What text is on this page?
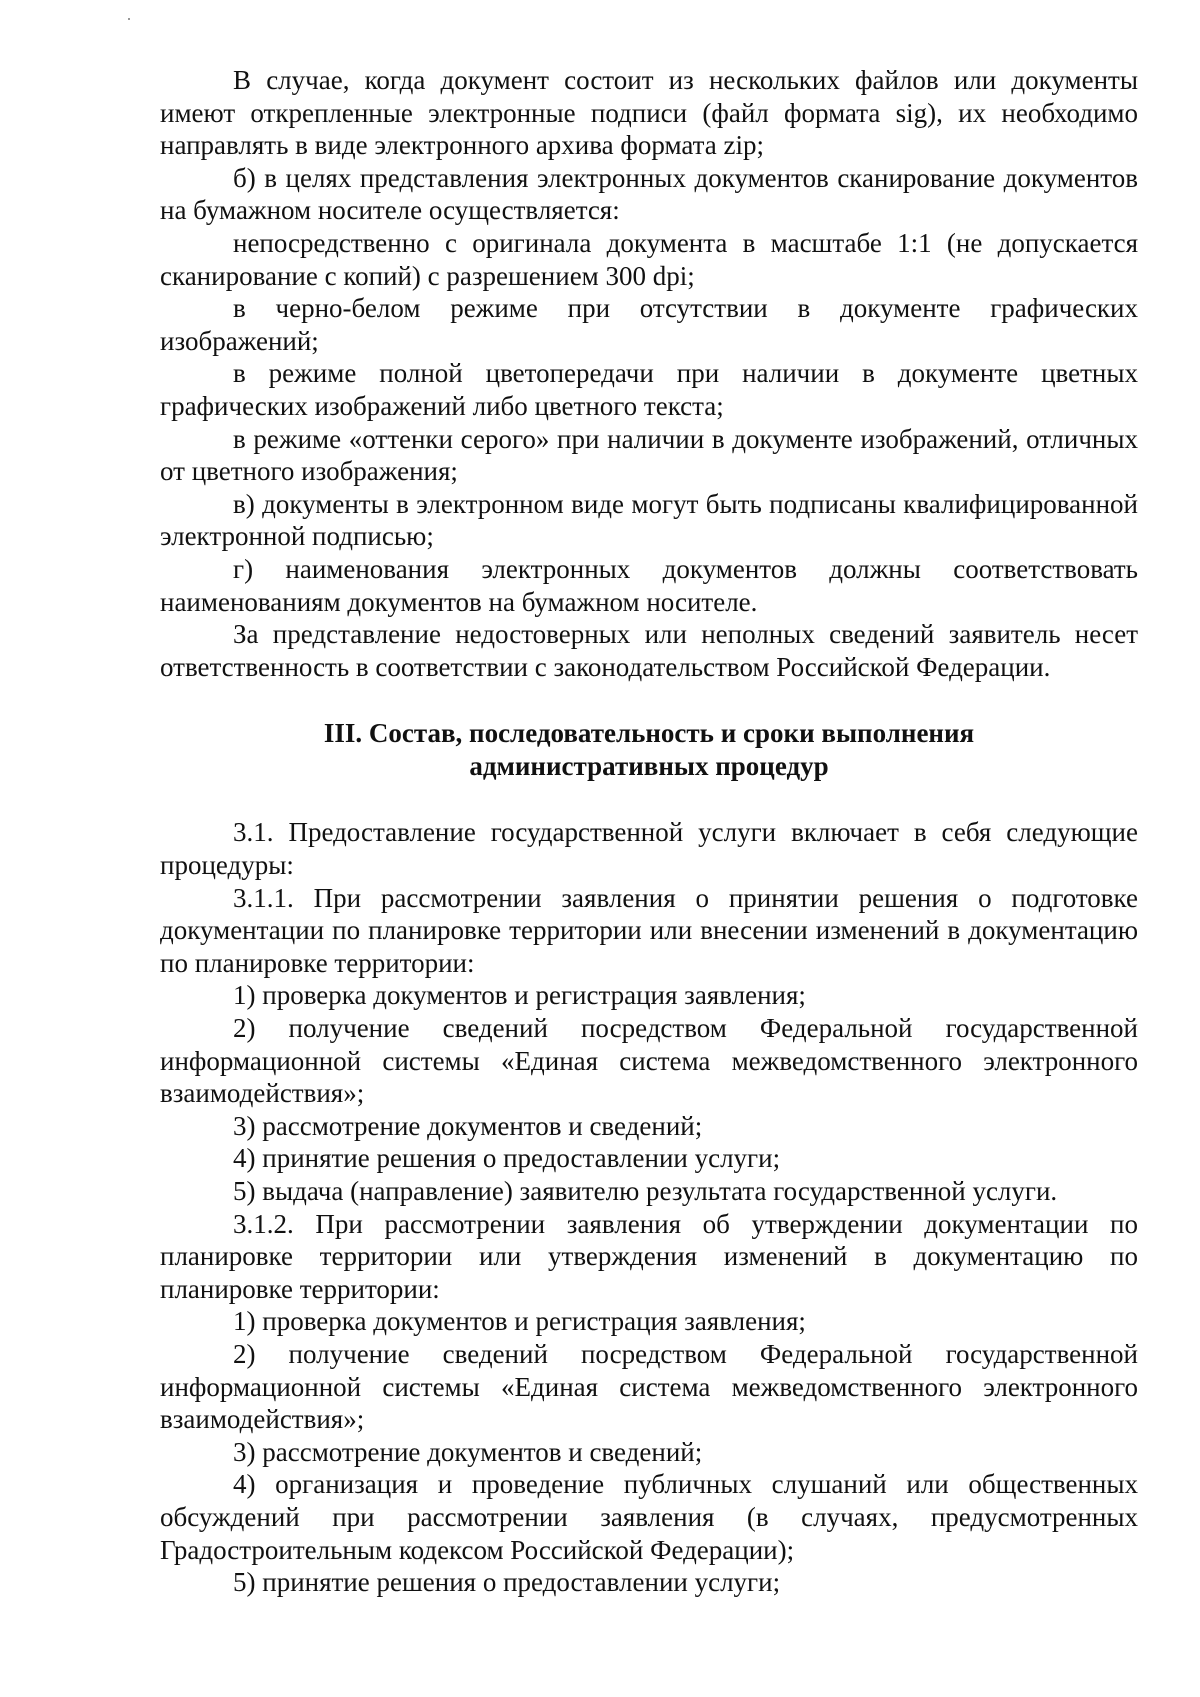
В случае, когда документ состоит из нескольких файлов или документы имеют открепленные электронные подписи (файл формата sig), их необходимо направлять в виде электронного архива формата zip;

б) в целях представления электронных документов сканирование документов на бумажном носителе осуществляется:

непосредственно с оригинала документа в масштабе 1:1 (не допускается сканирование с копий) с разрешением 300 dpi;

в черно-белом режиме при отсутствии в документе графических изображений;

в режиме полной цветопередачи при наличии в документе цветных графических изображений либо цветного текста;

в режиме «оттенки серого» при наличии в документе изображений, отличных от цветного изображения;

в) документы в электронном виде могут быть подписаны квалифицированной электронной подписью;

г) наименования электронных документов должны соответствовать наименованиям документов на бумажном носителе.

За представление недостоверных или неполных сведений заявитель несет ответственность в соответствии с законодательством Российской Федерации.

III. Состав, последовательность и сроки выполнения
административных процедур

3.1. Предоставление государственной услуги включает в себя следующие процедуры:

3.1.1. При рассмотрении заявления о принятии решения о подготовке документации по планировке территории или внесении изменений в документацию по планировке территории:

1) проверка документов и регистрация заявления;

2) получение сведений посредством Федеральной государственной информационной системы «Единая система межведомственного электронного взаимодействия»;

3) рассмотрение документов и сведений;

4) принятие решения о предоставлении услуги;

5) выдача (направление) заявителю результата государственной услуги.

3.1.2. При рассмотрении заявления об утверждении документации по планировке территории или утверждения изменений в документацию по планировке территории:

1) проверка документов и регистрация заявления;

2) получение сведений посредством Федеральной государственной информационной системы «Единая система межведомственного электронного взаимодействия»;

3) рассмотрение документов и сведений;

4) организация и проведение публичных слушаний или общественных обсуждений при рассмотрении заявления (в случаях, предусмотренных Градостроительным кодексом Российской Федерации);

5) принятие решения о предоставлении услуги;
